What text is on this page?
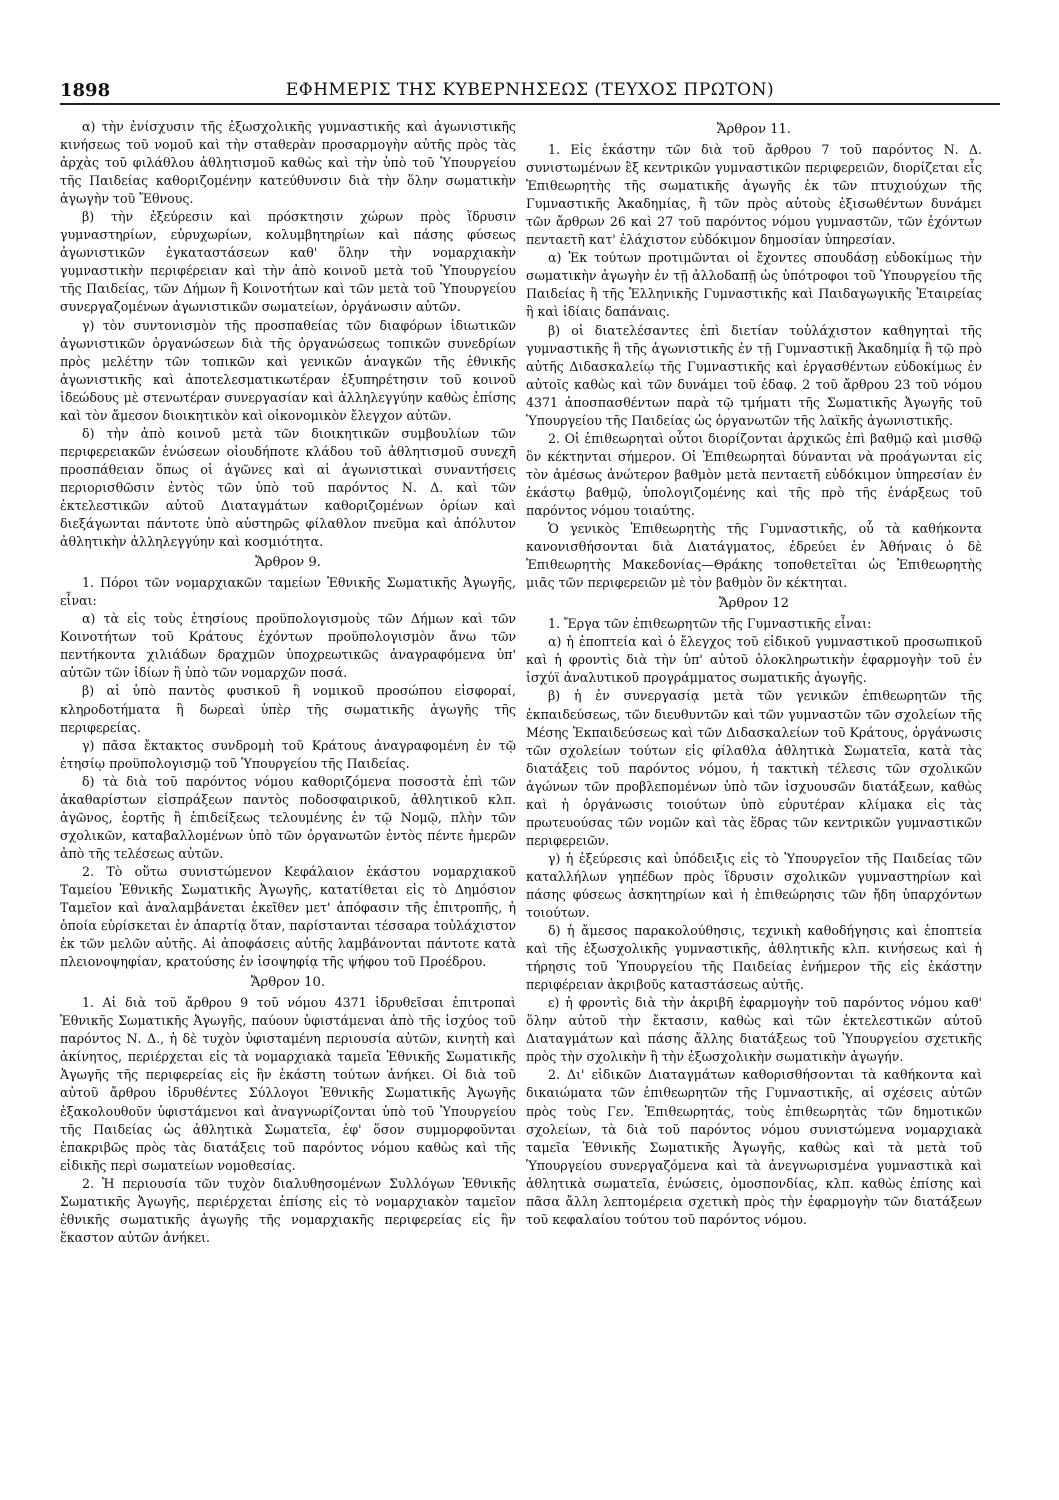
1898	ΕΦΗΜΕΡΙΣ ΤΗΣ ΚΥΒΕΡΝΗΣΕΩΣ (ΤΕΥΧΟΣ ΠΡΩΤΟΝ)

α) τὴν ἐνίσχυσιν τῆς ἐξωσχολικῆς γυμναστικῆς καὶ ἀγωνιστικῆς κινήσεως τοῦ νομοῦ καὶ τὴν σταθερὰν προσαρμογὴν αὐτῆς πρὸς τὰς ἀρχὰς τοῦ φιλάθλου ἀθλητισμοῦ καθὼς καὶ τὴν ὑπὸ τοῦ Ὑπουργείου τῆς Παιδείας καθοριζομένην κατεύθυνσιν διὰ τὴν ὅλην σωματικὴν ἀγωγὴν τοῦ Ἔθνους.

β) τὴν ἐξεύρεσιν καὶ πρόσκτησιν χώρων πρὸς ἵδρυσιν γυμναστηρίων, εὐρυχωρίων, κολυμβητηρίων καὶ πάσης φύσεως ἀγωνιστικῶν ἐγκαταστάσεων καθ' ὅλην τὴν νομαρχιακὴν γυμναστικὴν περιφέρειαν καὶ τὴν ἀπὸ κοινοῦ μετὰ τοῦ Ὑπουργείου τῆς Παιδείας, τῶν Δήμων ἢ Κοινοτήτων καὶ τῶν μετὰ τοῦ Ὑπουργείου συνεργαζομένων ἀγωνιστικῶν σωματείων, ὀργάνωσιν αὐτῶν.

γ) τὸν συντονισμὸν τῆς προσπαθείας τῶν διαφόρων ἰδιωτικῶν ἀγωνιστικῶν ὀργανώσεων διὰ τῆς ὀργανώσεως τοπικῶν συνεδρίων πρὸς μελέτην τῶν τοπικῶν καὶ γενικῶν ἀναγκῶν τῆς ἐθνικῆς ἀγωνιστικῆς καὶ ἀποτελεσματικωτέραν ἐξυπηρέτησιν τοῦ κοινοῦ ἰδεώδους μὲ στενωτέραν συνεργασίαν καὶ ἀλληλεγγύην καθὼς ἐπίσης καὶ τὸν ἄμεσον διοικητικὸν καὶ οἰκονομικὸν ἔλεγχον αὐτῶν.

δ) τὴν ἀπὸ κοινοῦ μετὰ τῶν διοικητικῶν συμβουλίων τῶν περιφερειακῶν ἑνώσεων οἱουδήποτε κλάδου τοῦ ἀθλητισμοῦ συνεχῆ προσπάθειαν ὅπως οἱ ἀγῶνες καὶ αἱ ἀγωνιστικαὶ συναντήσεις περιορισθῶσιν ἐντὸς τῶν ὑπὸ τοῦ παρόντος Ν. Δ. καὶ τῶν ἐκτελεστικῶν αὐτοῦ Διαταγμάτων καθοριζομένων ὁρίων καὶ διεξάγωνται πάντοτε ὑπὸ αὐστηρῶς φίλαθλον πνεῦμα καὶ ἀπόλυτον ἀθλητικὴν ἀλληλεγγύην καὶ κοσμιότητα.

Ἄρθρον 9.

1. Πόροι τῶν νομαρχιακῶν ταμείων Ἐθνικῆς Σωματικῆς Ἀγωγῆς, εἶναι:

α) τὰ εἰς τοὺς ἐτησίους προϋπολογισμοὺς τῶν Δήμων καὶ τῶν Κοινοτήτων τοῦ Κράτους ἐχόντων προϋπολογισμὸν ἄνω τῶν πεντήκοντα χιλιάδων δραχμῶν ὑποχρεωτικῶς ἀναγραφόμενα ὑπ' αὐτῶν τῶν ἰδίων ἢ ὑπὸ τῶν νομαρχῶν ποσά.

β) αἱ ὑπὸ παντὸς φυσικοῦ ἢ νομικοῦ προσώπου εἰσφοραί, κληροδοτήματα ἢ δωρεαὶ ὑπὲρ τῆς σωματικῆς ἀγωγῆς τῆς περιφερείας.

γ) πᾶσα ἔκτακτος συνδρομὴ τοῦ Κράτους ἀναγραφομένη ἐν τῷ ἐτησίῳ προϋπολογισμῷ τοῦ Ὑπουργείου τῆς Παιδείας.

δ) τὰ διὰ τοῦ παρόντος νόμου καθοριζόμενα ποσοστὰ ἐπὶ τῶν ἀκαθαρίστων εἰσπράξεων παντὸς ποδοσφαιρικοῦ, ἀθλητικοῦ κλπ. ἀγῶνος, ἑορτῆς ἢ ἐπιδείξεως τελουμένης ἐν τῷ Νομῷ, πλὴν τῶν σχολικῶν, καταβαλλομένων ὑπὸ τῶν ὀργανωτῶν ἐντὸς πέντε ἡμερῶν ἀπὸ τῆς τελέσεως αὐτῶν.

2. Τὸ οὕτω συνιστώμενον Κεφάλαιον ἑκάστου νομαρχιακοῦ Ταμείου Ἐθνικῆς Σωματικῆς Ἀγωγῆς, κατατίθεται εἰς τὸ Δημόσιον Ταμεῖον καὶ ἀναλαμβάνεται ἐκεῖθεν μετ' ἀπόφασιν τῆς ἐπιτροπῆς, ἡ ὁποία εὑρίσκεται ἐν ἀπαρτίᾳ ὅταν, παρίστανται τέσσαρα τοὐλάχιστον ἐκ τῶν μελῶν αὐτῆς. Αἱ ἀποφάσεις αὐτῆς λαμβάνονται πάντοτε κατὰ πλειονοψηφίαν, κρατούσης ἐν ἰσοψηφίᾳ τῆς ψήφου τοῦ Προέδρου.

Ἄρθρον 10.

1. Αἱ διὰ τοῦ ἄρθρου 9 τοῦ νόμου 4371 ἱδρυθεῖσαι ἐπιτροπαὶ Ἐθνικῆς Σωματικῆς Ἀγωγῆς, παύουν ὑφιστάμεναι ἀπὸ τῆς ἰσχύος τοῦ παρόντος Ν. Δ., ἡ δὲ τυχὸν ὑφισταμένη περιουσία αὐτῶν, κινητὴ καὶ ἀκίνητος, περιέρχεται εἰς τὰ νομαρχιακὰ ταμεῖα Ἐθνικῆς Σωματικῆς Ἀγωγῆς τῆς περιφερείας εἰς ἣν ἑκάστη τούτων ἀνήκει. Οἱ διὰ τοῦ αὐτοῦ ἄρθρου ἱδρυθέντες Σύλλογοι Ἐθνικῆς Σωματικῆς Ἀγωγῆς ἐξακολουθοῦν ὑφιστάμενοι καὶ ἀναγνωρίζονται ὑπὸ τοῦ Ὑπουργείου τῆς Παιδείας ὡς ἀθλητικὰ Σωματεῖα, ἐφ' ὅσον συμμορφοῦνται ἐπακριβῶς πρὸς τὰς διατάξεις τοῦ παρόντος νόμου καθὼς καὶ τῆς εἰδικῆς περὶ σωματείων νομοθεσίας.

2. Ἡ περιουσία τῶν τυχὸν διαλυθησομένων Συλλόγων Ἐθνικῆς Σωματικῆς Ἀγωγῆς, περιέρχεται ἐπίσης εἰς τὸ νομαρχιακὸν ταμεῖον ἐθνικῆς σωματικῆς ἀγωγῆς τῆς νομαρχιακῆς περιφερείας εἰς ἣν ἕκαστον αὐτῶν ἀνήκει.

Ἄρθρον 11.

1. Εἰς ἑκάστην τῶν διὰ τοῦ ἄρθρου 7 τοῦ παρόντος Ν. Δ. συνιστωμένων ἓξ κεντρικῶν γυμναστικῶν περιφερειῶν, διορίζεται εἷς Ἐπιθεωρητὴς τῆς σωματικῆς ἀγωγῆς ἐκ τῶν πτυχιούχων τῆς Γυμναστικῆς Ἀκαδημίας, ἢ τῶν πρὸς αὐτοὺς ἐξισωθέντων δυνάμει τῶν ἄρθρων 26 καὶ 27 τοῦ παρόντος νόμου γυμναστῶν, τῶν ἐχόντων πενταετῆ κατ' ἐλάχιστον εὐδόκιμον δημοσίαν ὑπηρεσίαν.

α) Ἐκ τούτων προτιμῶνται οἱ ἔχοντες σπουδάσῃ εὐδοκίμως τὴν σωματικὴν ἀγωγὴν ἐν τῇ ἀλλοδαπῇ ὡς ὑπότροφοι τοῦ Ὑπουργείου τῆς Παιδείας ἢ τῆς Ἑλληνικῆς Γυμναστικῆς καὶ Παιδαγωγικῆς Ἑταιρείας ἢ καὶ ἰδίαις δαπάναις.

β) οἱ διατελέσαντες ἐπὶ διετίαν τοὐλάχιστον καθηγηταὶ τῆς γυμναστικῆς ἢ τῆς ἀγωνιστικῆς ἐν τῇ Γυμναστικῇ Ἀκαδημίᾳ ἢ τῷ πρὸ αὐτῆς Διδασκαλείῳ τῆς Γυμναστικῆς καὶ ἐργασθέντων εὐδοκίμως ἐν αὐτοῖς καθὼς καὶ τῶν δυνάμει τοῦ ἐδαφ. 2 τοῦ ἄρθρου 23 τοῦ νόμου 4371 ἀποσπασθέντων παρὰ τῷ τμήματι τῆς Σωματικῆς Ἀγωγῆς τοῦ Ὑπουργείου τῆς Παιδείας ὡς ὀργανωτῶν τῆς λαϊκῆς ἀγωνιστικῆς.

2. Οἱ ἐπιθεωρηταὶ οὗτοι διορίζονται ἀρχικῶς ἐπὶ βαθμῷ καὶ μισθῷ ὃν κέκτηνται σήμερον. Οἱ Ἐπιθεωρηταὶ δύνανται νὰ προάγωνται εἰς τὸν ἀμέσως ἀνώτερον βαθμὸν μετὰ πενταετῆ εὐδόκιμον ὑπηρεσίαν ἐν ἑκάστῳ βαθμῷ, ὑπολογιζομένης καὶ τῆς πρὸ τῆς ἐνάρξεως τοῦ παρόντος νόμου τοιαύτης.

Ὁ γενικὸς Ἐπιθεωρητὴς τῆς Γυμναστικῆς, οὗ τὰ καθήκοντα κανονισθήσονται διὰ Διατάγματος, ἑδρεύει ἐν Ἀθήναις ὁ δὲ Ἐπιθεωρητὴς Μακεδονίας—Θράκης τοποθετεῖται ὡς Ἐπιθεωρητὴς μιᾶς τῶν περιφερειῶν μὲ τὸν βαθμὸν ὃν κέκτηται.

Ἄρθρον 12

1. Ἔργα τῶν ἐπιθεωρητῶν τῆς Γυμναστικῆς εἶναι:

α) ἡ ἐποπτεία καὶ ὁ ἔλεγχος τοῦ εἰδικοῦ γυμναστικοῦ προσωπικοῦ καὶ ἡ φροντὶς διὰ τὴν ὑπ' αὐτοῦ ὁλοκληρωτικὴν ἐφαρμογὴν τοῦ ἐν ἰσχύϊ ἀναλυτικοῦ προγράμματος σωματικῆς ἀγωγῆς.

β) ἡ ἐν συνεργασίᾳ μετὰ τῶν γενικῶν ἐπιθεωρητῶν τῆς ἐκπαιδεύσεως, τῶν διευθυντῶν καὶ τῶν γυμναστῶν τῶν σχολείων τῆς Μέσης Ἐκπαιδεύσεως καὶ τῶν Διδασκαλείων τοῦ Κράτους, ὀργάνωσις τῶν σχολείων τούτων εἰς φίλαθλα ἀθλητικὰ Σωματεῖα, κατὰ τὰς διατάξεις τοῦ παρόντος νόμου, ἡ τακτικὴ τέλεσις τῶν σχολικῶν ἀγώνων τῶν προβλεπομένων ὑπὸ τῶν ἰσχυουσῶν διατάξεων, καθὼς καὶ ἡ ὀργάνωσις τοιούτων ὑπὸ εὐρυτέραν κλίμακα εἰς τὰς πρωτευούσας τῶν νομῶν καὶ τὰς ἕδρας τῶν κεντρικῶν γυμναστικῶν περιφερειῶν.

γ) ἡ ἐξεύρεσις καὶ ὑπόδειξις εἰς τὸ Ὑπουργεῖον τῆς Παιδείας τῶν καταλλήλων γηπέδων πρὸς ἵδρυσιν σχολικῶν γυμναστηρίων καὶ πάσης φύσεως ἀσκητηρίων καὶ ἡ ἐπιθεώρησις τῶν ἤδη ὑπαρχόντων τοιούτων.

δ) ἡ ἄμεσος παρακολούθησις, τεχνικὴ καθοδήγησις καὶ ἐποπτεία καὶ τῆς ἐξωσχολικῆς γυμναστικῆς, ἀθλητικῆς κλπ. κινήσεως καὶ ἡ τήρησις τοῦ Ὑπουργείου τῆς Παιδείας ἐνήμερον τῆς εἰς ἑκάστην περιφέρειαν ἀκριβοῦς καταστάσεως αὐτῆς.

ε) ἡ φροντὶς διὰ τὴν ἀκριβῆ ἐφαρμογὴν τοῦ παρόντος νόμου καθ' ὅλην αὐτοῦ τὴν ἔκτασιν, καθὼς καὶ τῶν ἐκτελεστικῶν αὐτοῦ Διαταγμάτων καὶ πάσης ἄλλης διατάξεως τοῦ Ὑπουργείου σχετικῆς πρὸς τὴν σχολικὴν ἢ τὴν ἐξωσχολικὴν σωματικὴν ἀγωγήν.

2. Δι' εἰδικῶν Διαταγμάτων καθορισθήσονται τὰ καθήκοντα καὶ δικαιώματα τῶν ἐπιθεωρητῶν τῆς Γυμναστικῆς, αἱ σχέσεις αὐτῶν πρὸς τοὺς Γεν. Ἐπιθεωρητάς, τοὺς ἐπιθεωρητὰς τῶν δημοτικῶν σχολείων, τὰ διὰ τοῦ παρόντος νόμου συνιστώμενα νομαρχιακὰ ταμεῖα Ἐθνικῆς Σωματικῆς Ἀγωγῆς, καθὼς καὶ τὰ μετὰ τοῦ Ὑπουργείου συνεργαζόμενα καὶ τὰ ἀνεγνωρισμένα γυμναστικὰ καὶ ἀθλητικὰ σωματεῖα, ἑνώσεις, ὁμοσπονδίας, κλπ. καθὼς ἐπίσης καὶ πᾶσα ἄλλη λεπτομέρεια σχετικὴ πρὸς τὴν ἐφαρμογὴν τῶν διατάξεων τοῦ κεφαλαίου τούτου τοῦ παρόντος νόμου.
